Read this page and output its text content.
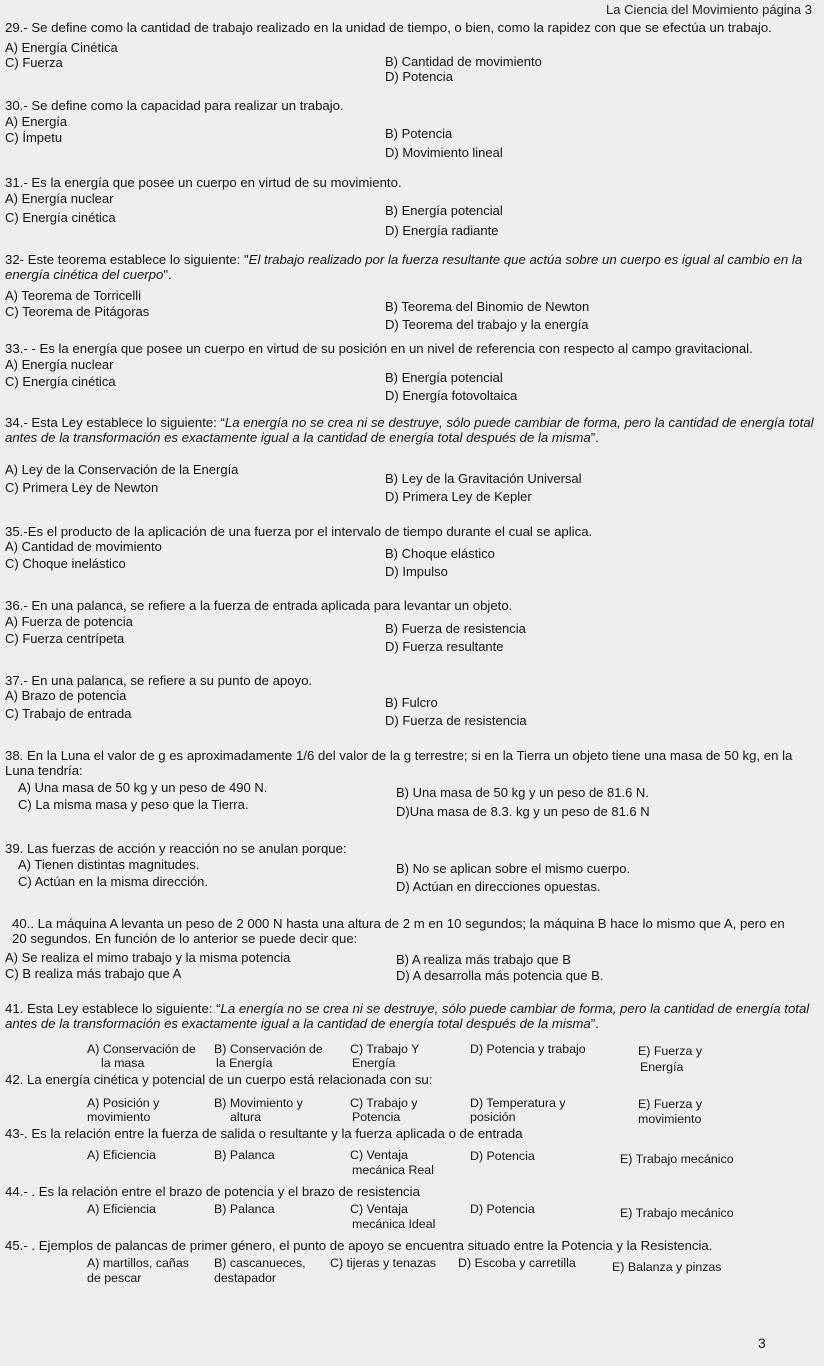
La Ciencia del Movimiento página 3
29.- Se define como la cantidad de trabajo realizado en la unidad de tiempo, o bien, como la rapidez con que se efectúa un trabajo.
A) Energía Cinética
B) Cantidad de movimiento
C) Fuerza
D) Potencia
30.- Se define como la capacidad para realizar un trabajo.
A) Energía
B) Potencia
C) Ímpetu
D) Movimiento lineal
31.- Es la energía que posee un cuerpo en virtud de su movimiento.
A) Energía nuclear
B) Energía potencial
C) Energía cinética
D) Energía radiante
32- Este teorema establece lo siguiente: "El trabajo realizado por la fuerza resultante que actúa sobre un cuerpo es igual al cambio en la energía cinética del cuerpo".
A) Teorema de Torricelli
B) Teorema del Binomio de Newton
C) Teorema de Pitágoras
D) Teorema del trabajo y la energía
33.- - Es la energía que posee un cuerpo en virtud de su posición en un nivel de referencia con respecto al campo gravitacional.
A) Energía nuclear
B) Energía potencial
C) Energía cinética
D) Energía fotovoltaica
34.- Esta Ley establece lo siguiente: “La energía no se crea ni se destruye, sólo puede cambiar de forma, pero la cantidad de energía total antes de la transformación es exactamente igual a la cantidad de energía total después de la misma”.
A) Ley de la Conservación de la Energía
B) Ley de la Gravitación Universal
C) Primera Ley de Newton
D) Primera Ley de Kepler
35.-Es el producto de la aplicación de una fuerza por el intervalo de tiempo durante el cual se aplica.
A) Cantidad de movimiento	B) Choque elástico
C) Choque inelástico
D) Impulso
36.- En una palanca, se refiere a la fuerza de entrada aplicada para levantar un objeto.
A) Fuerza de potencia	B) Fuerza de resistencia
C) Fuerza centrípeta
D) Fuerza resultante
37.- En una palanca, se refiere a su punto de apoyo.
A) Brazo de potencia	B) Fulcro
C) Trabajo de entrada	D) Fuerza de resistencia
38. En la Luna el valor de g es aproximadamente 1/6 del valor de la g terrestre; si en la Tierra un objeto tiene una masa de 50 kg, en la Luna tendría:
A) Una masa de 50 kg y un peso de 490 N.	B) Una masa de 50 kg y un peso de 81.6 N.
C) La misma masa y peso que la Tierra.	D)Una masa de 8.3. kg y un peso de 81.6 N
39. Las fuerzas de acción y reacción no se anulan porque:
A) Tienen distintas magnitudes.	B) No se aplican sobre el mismo cuerpo.
C) Actúan en la misma dirección.	D) Actúan en direcciones opuestas.
40.. La máquina A levanta un peso de 2 000 N hasta una altura de 2 m en 10 segundos; la máquina B hace lo mismo que A, pero en 20 segundos. En función de lo anterior se puede decir que:
A) Se realiza el mimo trabajo y la misma potencia	B) A realiza más trabajo que B
C) B realiza más trabajo que A	D) A desarrolla más potencia que B.
41. Esta Ley establece lo siguiente: “La energía no se crea ni se destruye, sólo puede cambiar de forma, pero la cantidad de energía total antes de la transformación es exactamente igual a la cantidad de energía total después de la misma”.
A) Conservación de
la masa
B) Conservación de
la Energía
C) Trabajo Y
Energía
D) Potencia y trabajo	E) Fuerza y
Energía
42. La energía cinética y potencial de un cuerpo está relacionada con su:
A) Posición y
movimiento
B) Movimiento y
altura
C) Trabajo y
Potencia
D) Temperatura y
posición
E) Fuerza y
movimiento
43-. Es la relación entre la fuerza de salida o resultante y la fuerza aplicada o de entrada
A) Eficiencia	B) Palanca	C) Ventaja
mecánica Real
D) Potencia	E) Trabajo mecánico
44.- . Es la relación entre el brazo de potencia y el brazo de resistencia
A) Eficiencia	B) Palanca	C) Ventaja
mecánica Ideal
D) Potencia	E) Trabajo mecánico
45.- . Ejemplos de palancas de primer género, el punto de apoyo se encuentra situado entre la Potencia y la Resistencia.
A) martillos, cañas
de pescar
B) cascanueces,
destapador
C) tijeras y tenazas D) Escoba y carretilla	E) Balanza y pinzas
3
